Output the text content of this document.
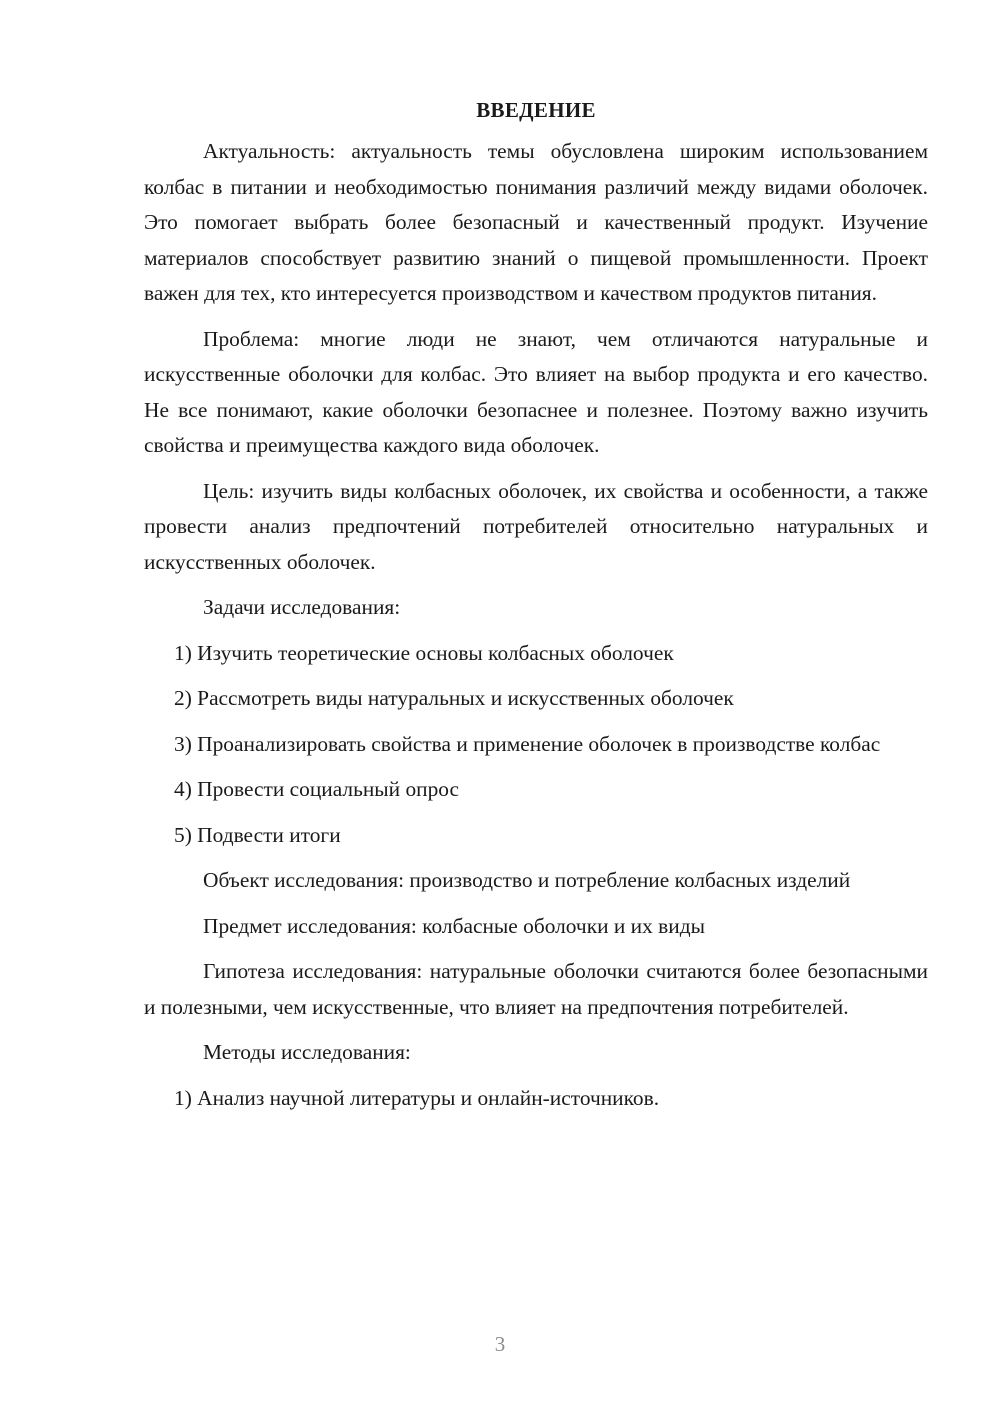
ВВЕДЕНИЕ

Актуальность: актуальность темы обусловлена широким использованием колбас в питании и необходимостью понимания различий между видами оболочек. Это помогает выбрать более безопасный и качественный продукт. Изучение материалов способствует развитию знаний о пищевой промышленности. Проект важен для тех, кто интересуется производством и качеством продуктов питания.

Проблема: многие люди не знают, чем отличаются натуральные и искусственные оболочки для колбас. Это влияет на выбор продукта и его качество. Не все понимают, какие оболочки безопаснее и полезнее. Поэтому важно изучить свойства и преимущества каждого вида оболочек.

Цель: изучить виды колбасных оболочек, их свойства и особенности, а также провести анализ предпочтений потребителей относительно натуральных и искусственных оболочек.

Задачи исследования:

1) Изучить теоретические основы колбасных оболочек

2) Рассмотреть виды натуральных и искусственных оболочек

3) Проанализировать свойства и применение оболочек в производстве колбас

4) Провести социальный опрос

5) Подвести итоги

Объект исследования: производство и потребление колбасных изделий

Предмет исследования: колбасные оболочки и их виды

Гипотеза исследования: натуральные оболочки считаются более безопасными и полезными, чем искусственные, что влияет на предпочтения потребителей.

Методы исследования:

1) Анализ научной литературы и онлайн-источников.

3
